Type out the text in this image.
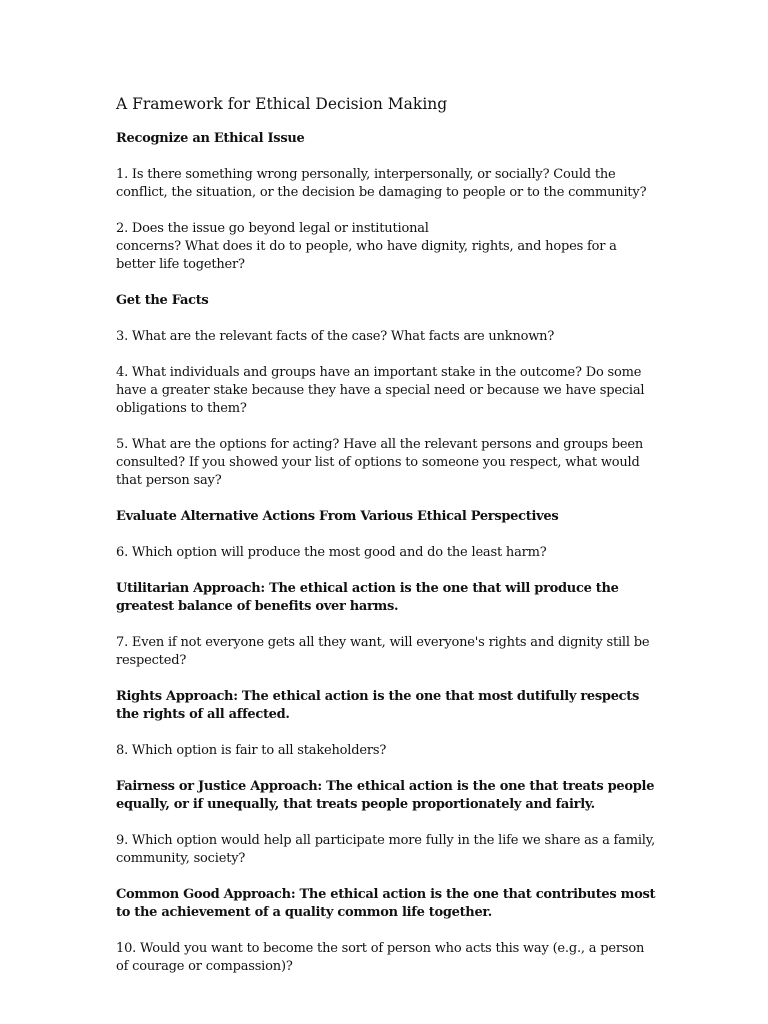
A Framework for Ethical Decision Making
Recognize an Ethical Issue

1. Is there something wrong personally, interpersonally, or socially? Could the conflict, the situation, or the decision be damaging to people or to the community?

2. Does the issue go beyond legal or institutional
concerns? What does it do to people, who have dignity, rights, and hopes for a better life together?

Get the Facts

3. What are the relevant facts of the case? What facts are unknown?

4. What individuals and groups have an important stake in the outcome? Do some have a greater stake because they have a special need or because we have special obligations to them?

5. What are the options for acting? Have all the relevant persons and groups been consulted? If you showed your list of options to someone you respect, what would that person say?

Evaluate Alternative Actions From Various Ethical Perspectives

6. Which option will produce the most good and do the least harm?

Utilitarian Approach: The ethical action is the one that will produce the greatest balance of benefits over harms.

7. Even if not everyone gets all they want, will everyone's rights and dignity still be respected?

Rights Approach: The ethical action is the one that most dutifully respects the rights of all affected.

8. Which option is fair to all stakeholders?

Fairness or Justice Approach: The ethical action is the one that treats people equally, or if unequally, that treats people proportionately and fairly.

9. Which option would help all participate more fully in the life we share as a family, community, society?

Common Good Approach: The ethical action is the one that contributes most to the achievement of a quality common life together.

10. Would you want to become the sort of person who acts this way (e.g., a person of courage or compassion)?
